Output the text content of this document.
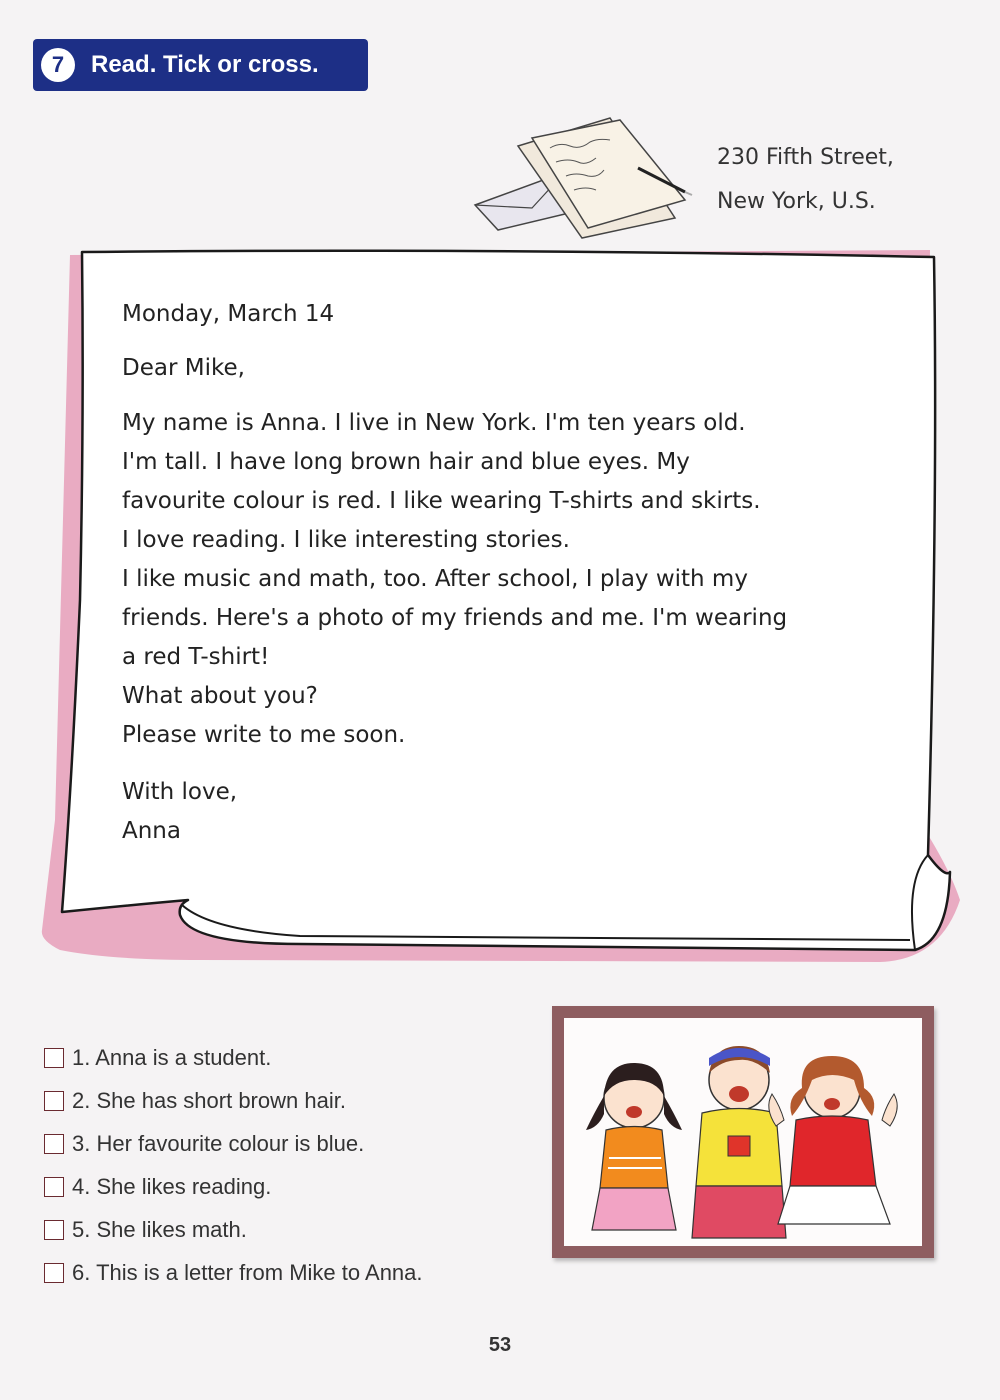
7	Read. Tick or cross.
230 Fifth Street,
New York, U.S.

Monday, March 14

Dear Mike,

My name is Anna. I live in New York. I'm ten years old.
I'm tall. I have long brown hair and blue eyes. My
favourite colour is red. I like wearing T-shirts and skirts.
I love reading. I like interesting stories.
I like music and math, too. After school, I play with my
friends. Here's a photo of my friends and me. I'm wearing
a red T-shirt!
What about you?
Please write to me soon.

With love,
Anna

1. Anna is a student.
2. She has short brown hair.
3. Her favourite colour is blue.
4. She likes reading.
5. She likes math.
6. This is a letter from Mike to Anna.
53
